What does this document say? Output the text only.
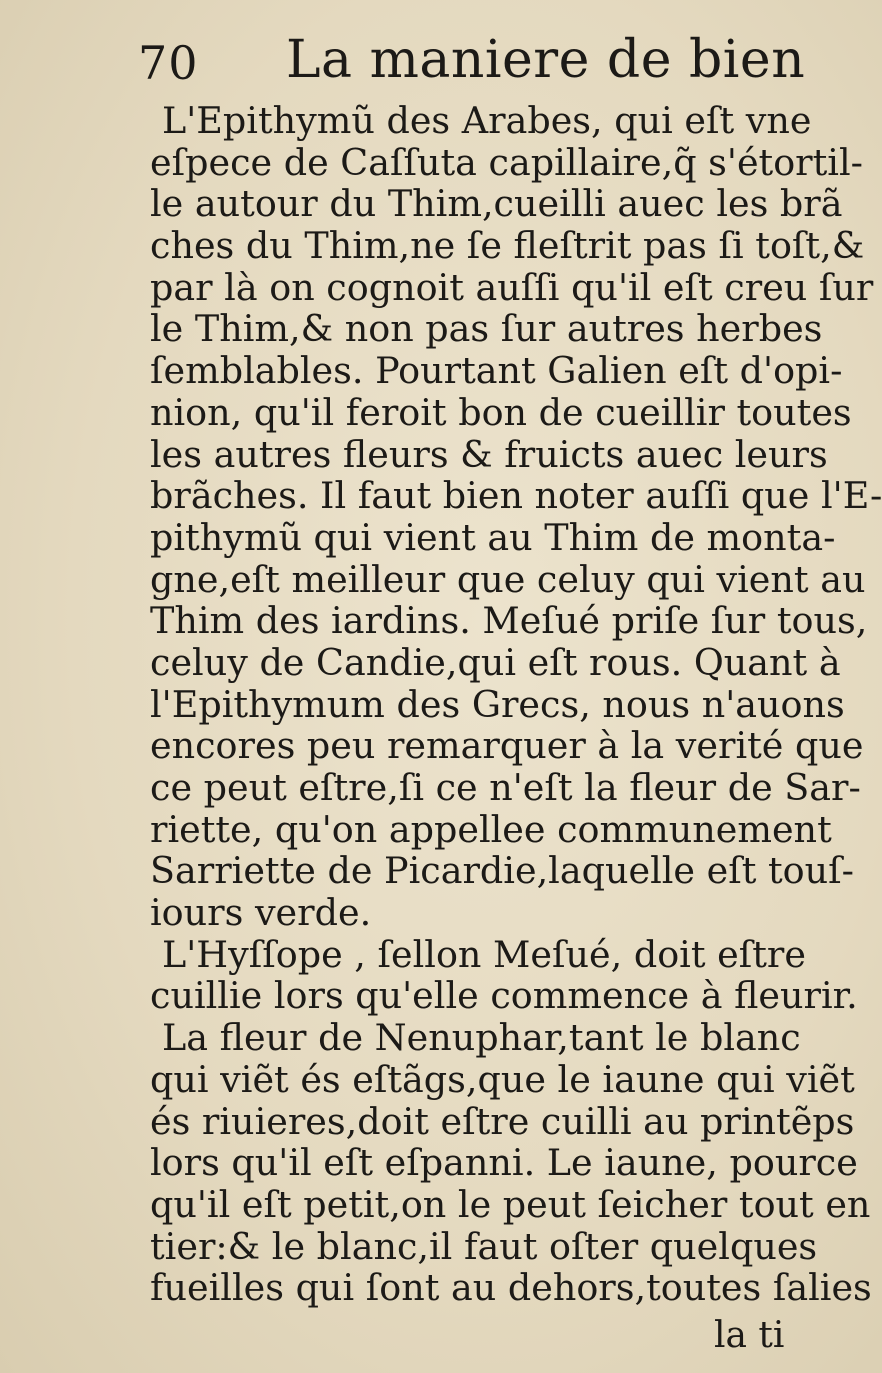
70 La maniere de bien
L'Epithymũ des Arabes, qui eſt vne
eſpece de Caſſuta capillaire,q̃ s'étortil-
le autour du Thim,cueilli auec les brã
ches du Thim,ne ſe fleſtrit pas ſi toſt,&
par là on cognoit auſſi qu'il eſt creu ſur
le Thim,& non pas ſur autres herbes
ſemblables. Pourtant Galien eſt d'opi-
nion, qu'il feroit bon de cueillir toutes
les autres fleurs & fruicts auec leurs
brãches. Il faut bien noter auſſi que l'E-
pithymũ qui vient au Thim de monta-
gne,eſt meilleur que celuy qui vient au
Thim des iardins. Meſué priſe ſur tous,
celuy de Candie,qui eſt rous. Quant à
l'Epithymum des Grecs, nous n'auons
encores peu remarquer à la verité que
ce peut eſtre,ſi ce n'eſt la fleur de Sar-
riette, qu'on appellee communement
Sarriette de Picardie,laquelle eſt touſ-
iours verde.
L'Hyſſope , ſellon Meſué, doit eſtre
cuillie lors qu'elle commence à fleurir.
La fleur de Nenuphar,tant le blanc
qui viẽt és eſtãgs,que le iaune qui viẽt
és riuieres,doit eſtre cuilli au printẽps
lors qu'il eſt eſpanni. Le iaune, pource
qu'il eſt petit,on le peut ſeicher tout en
tier:& le blanc,il faut oſter quelques
fueilles qui ſont au dehors,toutes ſalies
la ti
